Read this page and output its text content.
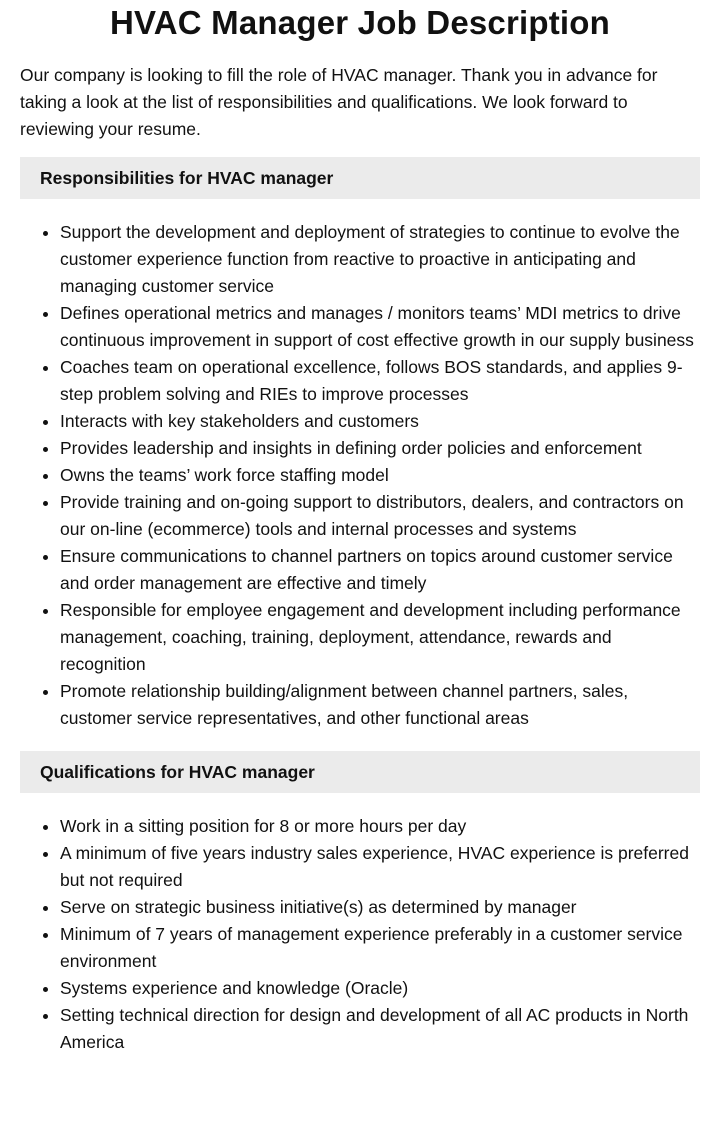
HVAC Manager Job Description

Our company is looking to fill the role of HVAC manager. Thank you in advance for taking a look at the list of responsibilities and qualifications. We look forward to reviewing your resume.

Responsibilities for HVAC manager
• Support the development and deployment of strategies to continue to evolve the customer experience function from reactive to proactive in anticipating and managing customer service
• Defines operational metrics and manages / monitors teams’ MDI metrics to drive continuous improvement in support of cost effective growth in our supply business
• Coaches team on operational excellence, follows BOS standards, and applies 9-step problem solving and RIEs to improve processes
• Interacts with key stakeholders and customers
• Provides leadership and insights in defining order policies and enforcement
• Owns the teams’ work force staffing model
• Provide training and on-going support to distributors, dealers, and contractors on our on-line (ecommerce) tools and internal processes and systems
• Ensure communications to channel partners on topics around customer service and order management are effective and timely
• Responsible for employee engagement and development including performance management, coaching, training, deployment, attendance, rewards and recognition
• Promote relationship building/alignment between channel partners, sales, customer service representatives, and other functional areas
Qualifications for HVAC manager
• Work in a sitting position for 8 or more hours per day
• A minimum of five years industry sales experience, HVAC experience is preferred but not required
• Serve on strategic business initiative(s) as determined by manager
• Minimum of 7 years of management experience preferably in a customer service environment
• Systems experience and knowledge (Oracle)
• Setting technical direction for design and development of all AC products in North America
